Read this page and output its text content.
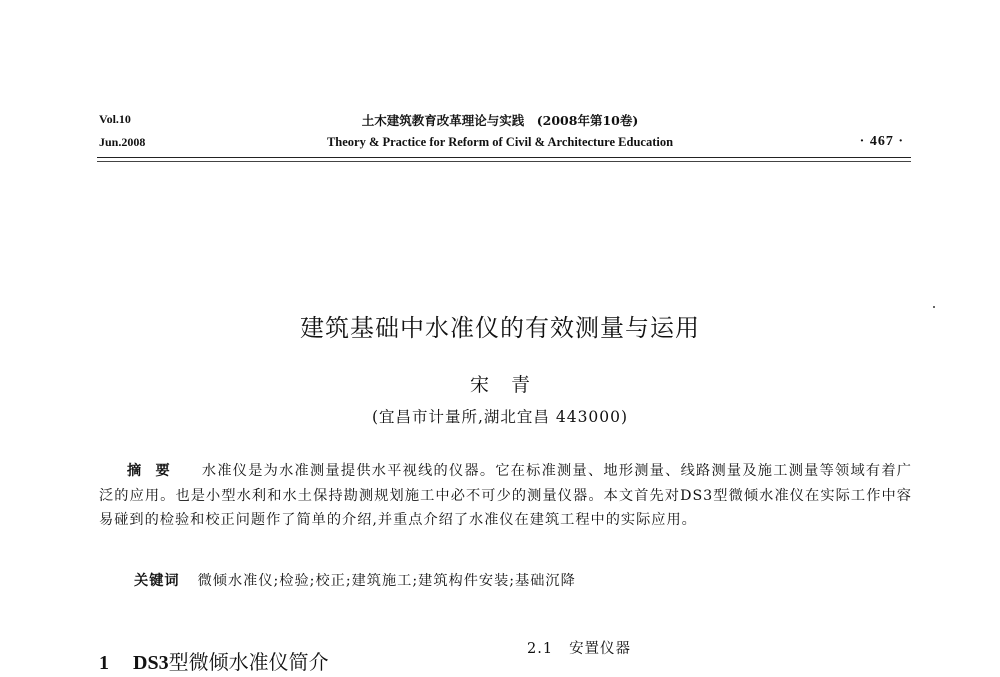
Vol.10
Jun.2008
土木建筑教育改革理论与实践　(2008年第10卷)
Theory & Practice for Reform of Civil & Architecture Education	· 467 ·
建筑基础中水准仪的有效测量与运用
宋青
(宜昌市计量所,湖北宜昌 443000)
摘要 水准仪是为水准测量提供水平视线的仪器。它在标准测量、地形测量、线路测量及施工测量等领域有着广泛的应用。也是小型水利和水土保持勘测规划施工中必不可少的测量仪器。本文首先对DS3型微倾水准仪在实际工作中容易碰到的检验和校正问题作了简单的介绍,并重点介绍了水准仪在建筑工程中的实际应用。
关键词 微倾水准仪;检验;校正;建筑施工;建筑构件安装;基础沉降
2.1 安置仪器
1 DS3型微倾水准仪简介
